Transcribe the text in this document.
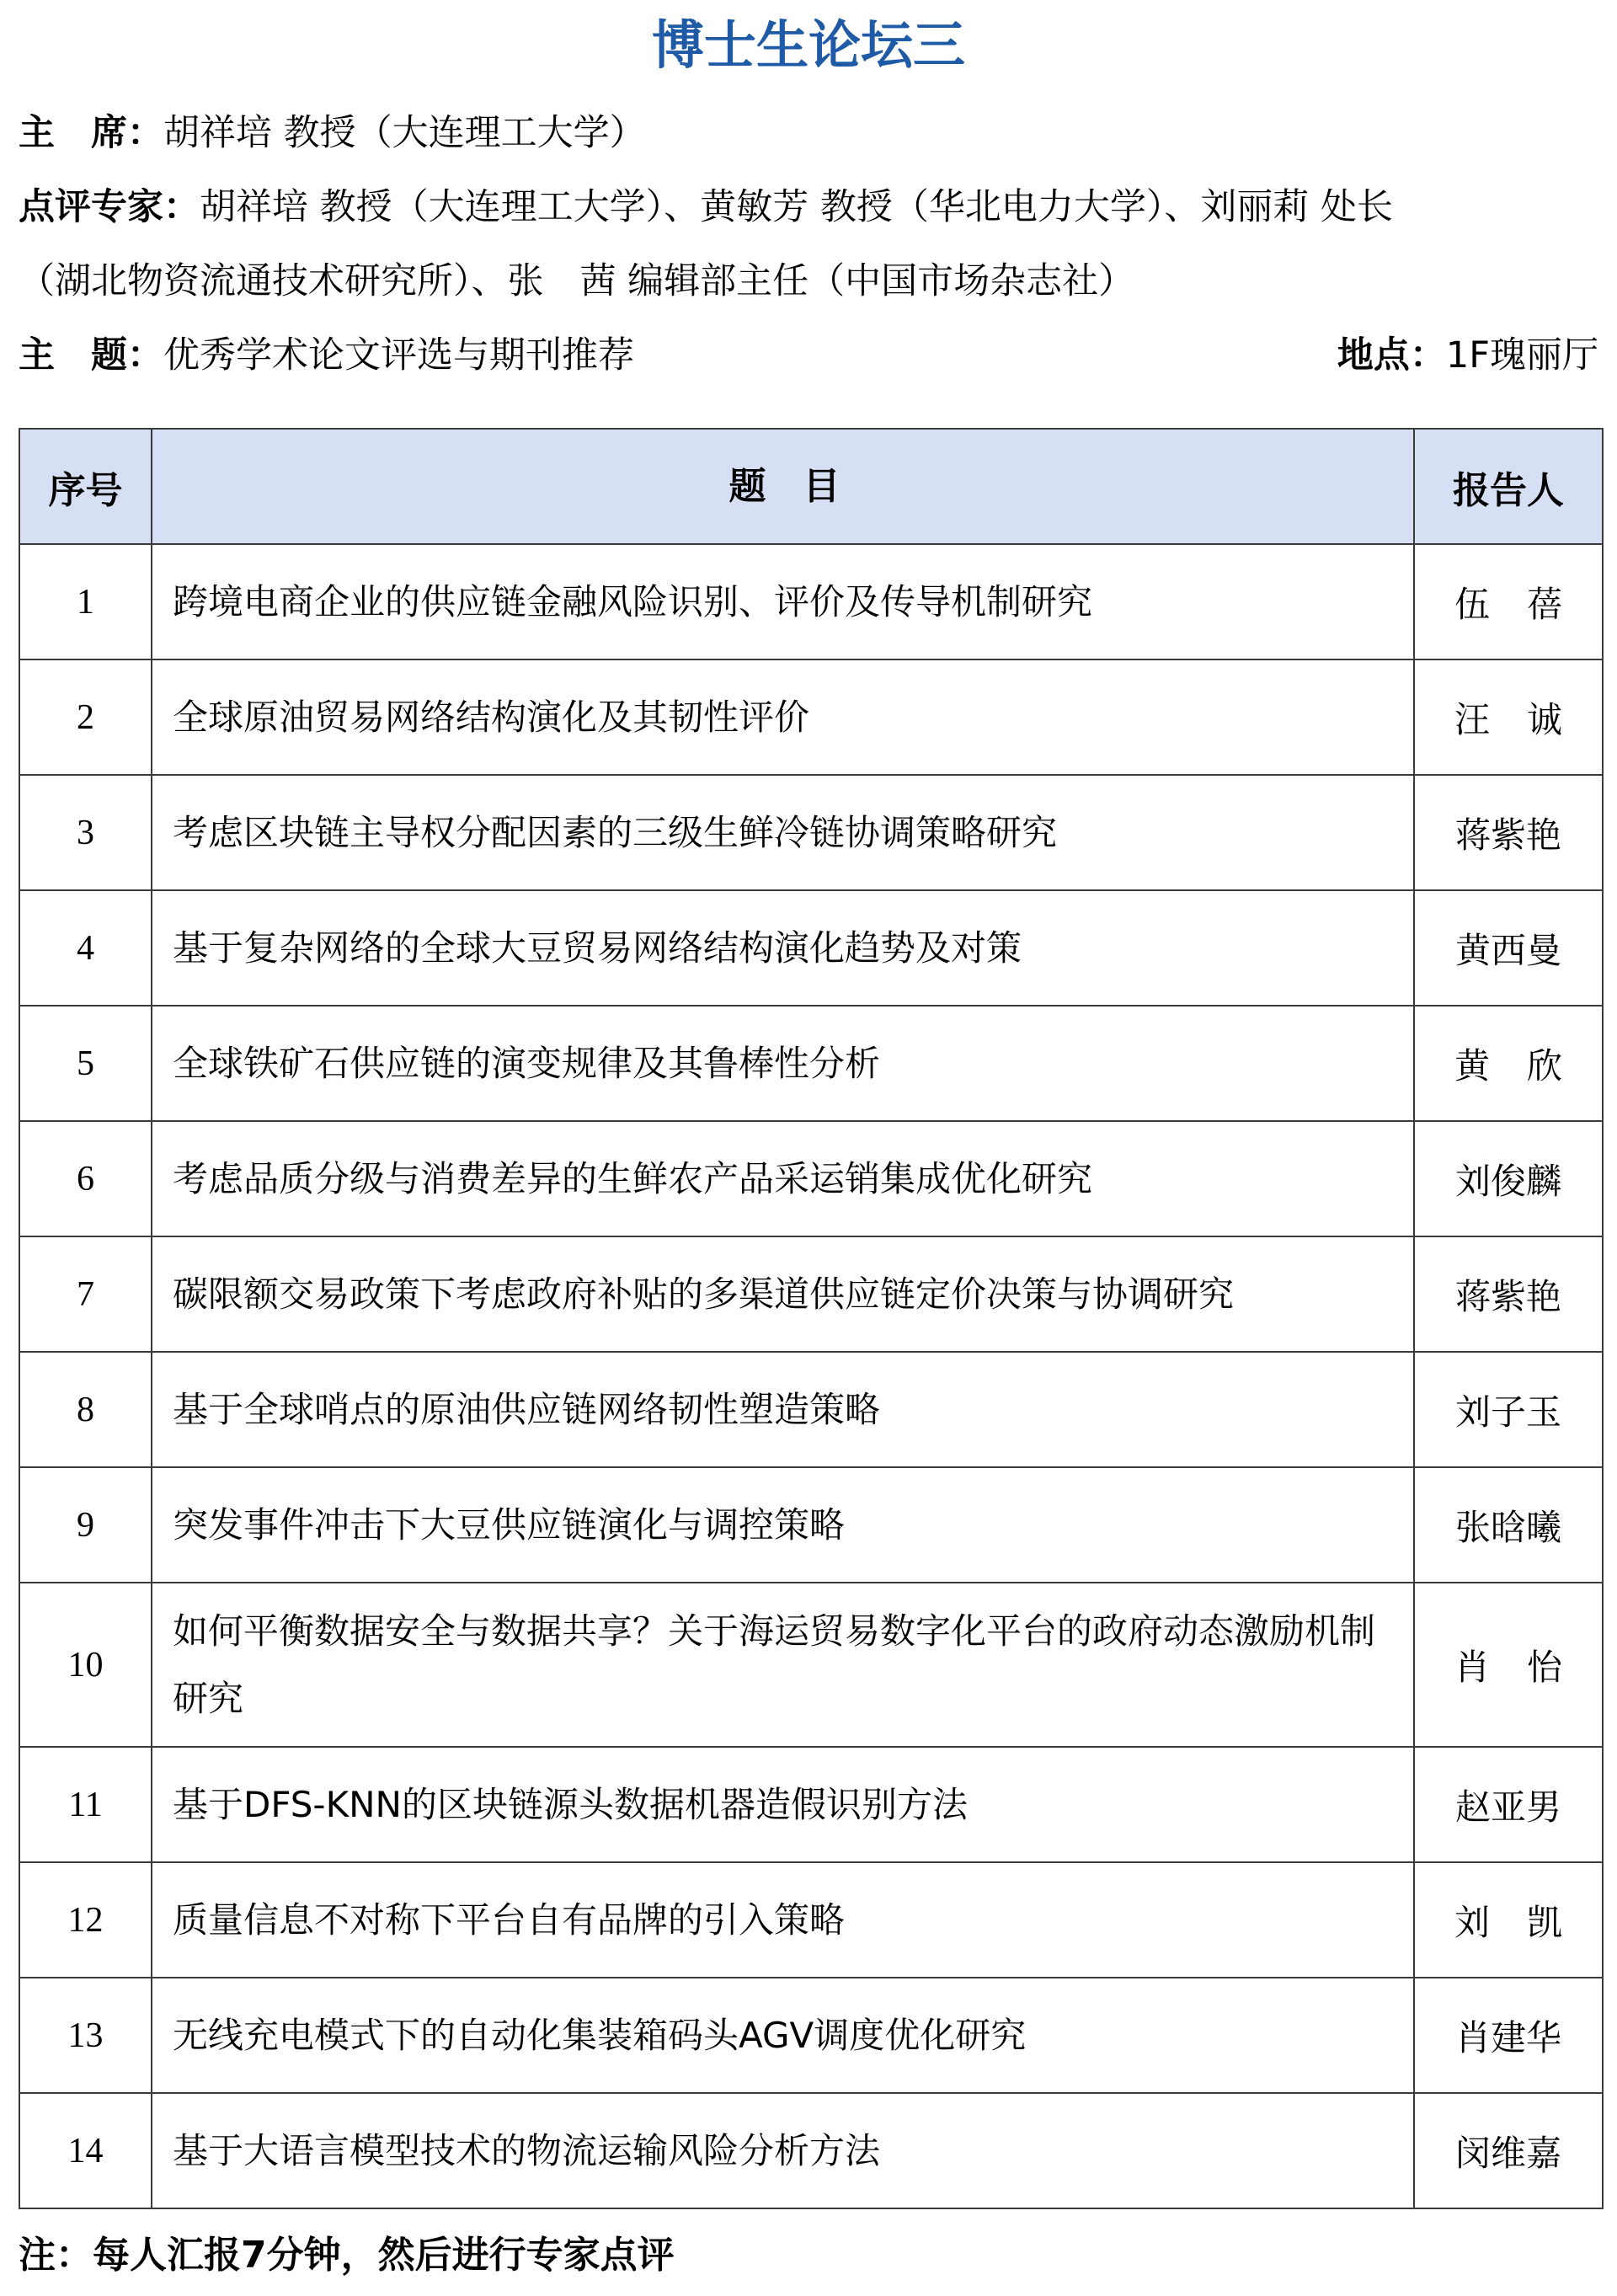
博士生论坛三
主　席：胡祥培 教授（大连理工大学）
点评专家：胡祥培 教授（大连理工大学）、黄敏芳 教授（华北电力大学）、刘丽莉 处长
（湖北物资流通技术研究所）、张　茜 编辑部主任（中国市场杂志社）
主　题：优秀学术论文评选与期刊推荐	地点：1F瑰丽厅
序号	题　目	报告人
1	跨境电商企业的供应链金融风险识别、评价及传导机制研究	伍蓓
2	全球原油贸易网络结构演化及其韧性评价	汪诚
3	考虑区块链主导权分配因素的三级生鲜冷链协调策略研究	蒋紫艳
4	基于复杂网络的全球大豆贸易网络结构演化趋势及对策	黄西曼
5	全球铁矿石供应链的演变规律及其鲁棒性分析	黄欣
6	考虑品质分级与消费差异的生鲜农产品采运销集成优化研究	刘俊麟
7	碳限额交易政策下考虑政府补贴的多渠道供应链定价决策与协调研究	蒋紫艳
8	基于全球哨点的原油供应链网络韧性塑造策略	刘子玉
9	突发事件冲击下大豆供应链演化与调控策略	张晗曦
10	如何平衡数据安全与数据共享？关于海运贸易数字化平台的政府动态激励机制研究	肖怡
11	基于DFS-KNN的区块链源头数据机器造假识别方法	赵亚男
12	质量信息不对称下平台自有品牌的引入策略	刘凯
13	无线充电模式下的自动化集装箱码头AGV调度优化研究	肖建华
14	基于大语言模型技术的物流运输风险分析方法	闵维嘉
注：每人汇报7分钟，然后进行专家点评
